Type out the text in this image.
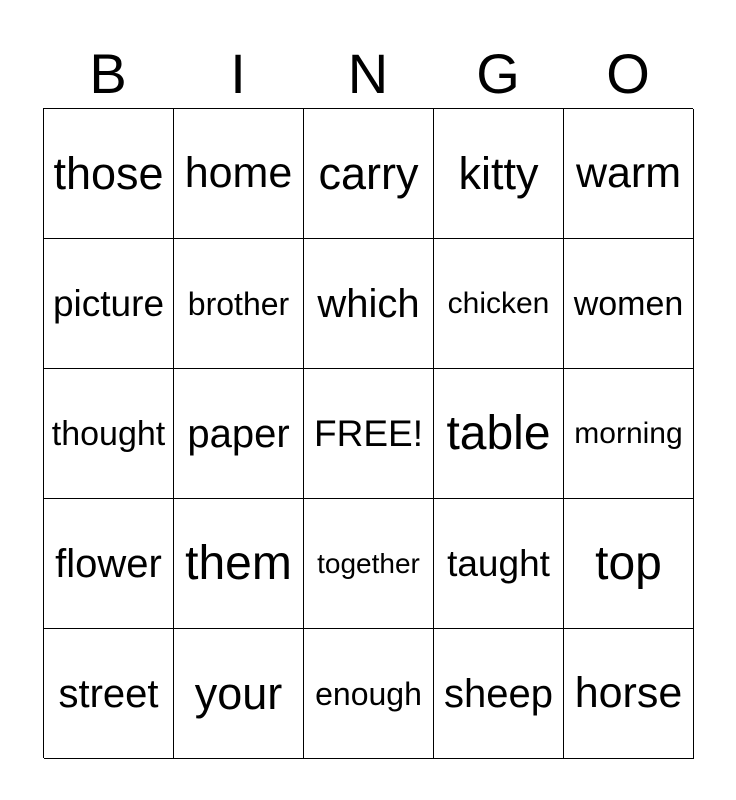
B	I	N	G	O
those home carry kitty warm
picture brother which chicken women
thought paper FREE! table morning
flower them together taught top
street your enough sheep horse
